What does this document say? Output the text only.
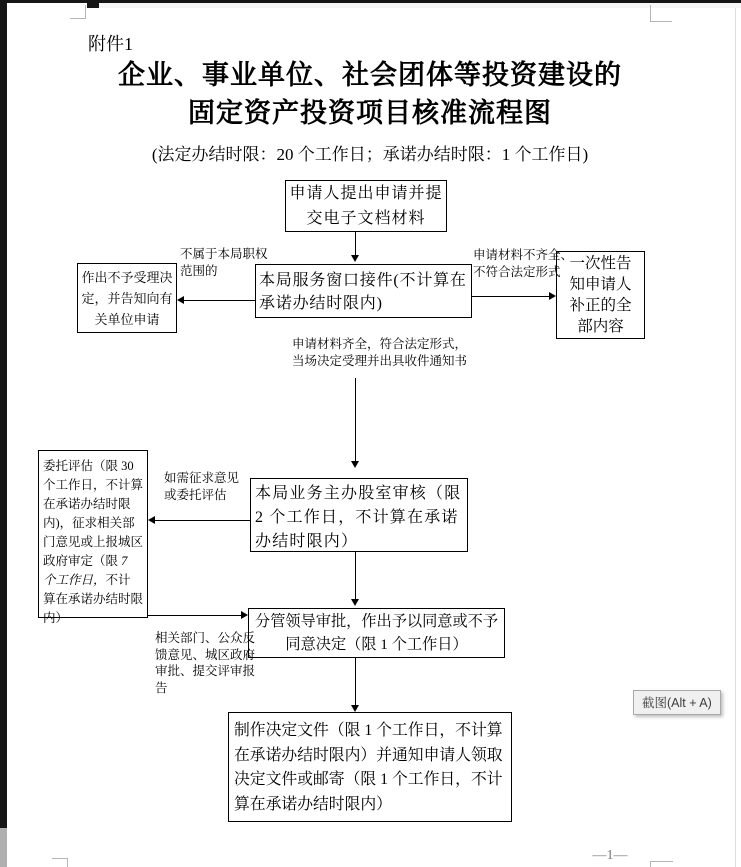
附件1
企业、事业单位、社会团体等投资建设的
固定资产投资项目核准流程图
(法定办结时限：20 个工作日；承诺办结时限：1 个工作日)
申请人提出申请并提交电子文档材料
本局服务窗口接件(不计算在承诺办结时限内)
作出不予受理决定，并告知向有关单位申请
一次性告知申请人补正的全部内容
本局业务主办股室审核（限 2 个工作日，不计算在承诺办结时限内）
委托评估（限 30 个工作日，不计算在承诺办结时限内)，征求相关部门意见或上报城区政府审定（限 7 个工作日，不计算在承诺办结时限内）	分管领导审批，作出予以同意或不予同意决定（限 1 个工作日）
制作决定文件（限 1 个工作日，不计算在承诺办结时限内）并通知申请人领取决定文件或邮寄（限 1 个工作日，不计算在承诺办结时限内）
不属于本局职权范围的
申请材料不齐全、不符合法定形式
申请材料齐全，符合法定形式，
当场决定受理并出具收件通知书
如需征求意见或委托评估
相关部门、公众反馈意见、城区政府审批、提交评审报告
截图(Alt + A)
—1—
